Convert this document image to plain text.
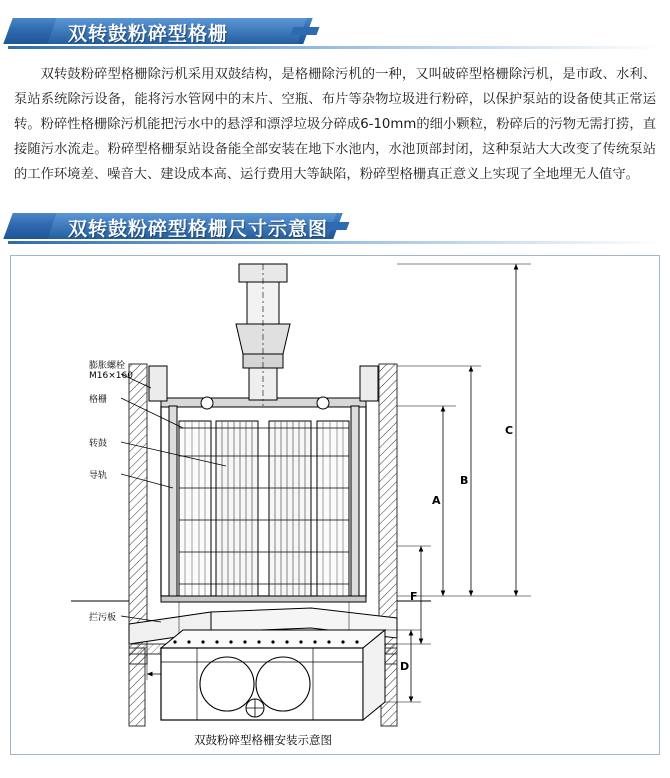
双转鼓粉碎型格栅
双转鼓粉碎型格栅除污机采用双鼓结构，是格栅除污机的一种，又叫破碎型格栅除污机，是市政、水利、泵站系统除污设备，能将污水管网中的末片、空瓶、布片等杂物垃圾进行粉碎，以保护泵站的设备使其正常运转。粉碎性格栅除污机能把污水中的悬浮和漂浮垃圾分碎成6-10mm的细小颗粒，粉碎后的污物无需打捞，直接随污水流走。粉碎型格栅泵站设备能全部安装在地下水池内，水池顶部封闭，这种泵站大大改变了传统泵站的工作环境差、噪音大、建设成本高、运行费用大等缺陷，粉碎型格栅真正意义上实现了全地埋无人值守。
双转鼓粉碎型格栅尺寸示意图
膨胀螺栓
M16×160
格栅
转鼓
导轨
拦污板
C
B
A
F
D
双鼓粉碎型格栅安装示意图
